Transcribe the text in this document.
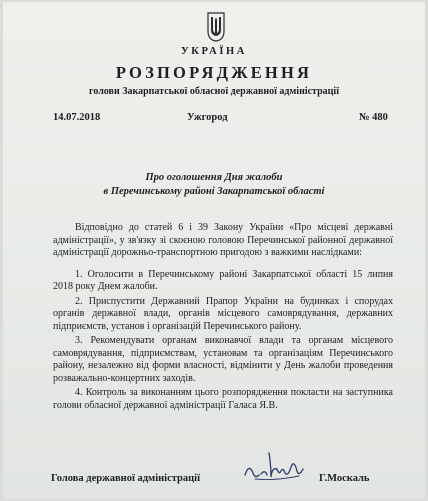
УКРАЇНА
РОЗПОРЯДЖЕННЯ
голови Закарпатської обласної державної адміністрації
14.07.2018	Ужгород	№ 480
Про оголошення Дня жалоби
в Перечинському районі Закарпатської області

Відповідно до статей 6 і 39 Закону України «Про місцеві державні адміністрації», у зв'язку зі скоєною головою Перечинської районної державної адміністрації дорожньо-транспортною пригодою з важкими наслідками:

1. Оголосити в Перечинському районі Закарпатської області 15 липня 2018 року Днем жалоби.

2. Приспустити Державний Прапор України на будинках і спорудах органів державної влади, органів місцевого самоврядування, державних підприємств, установ і організацій Перечинського району.

3. Рекомендувати органам виконавчої влади та органам місцевого самоврядування, підприємствам, установам та організаціям Перечинського району, незалежно від форми власності, відмінити у День жалоби проведення розважально-концертних заходів.

4. Контроль за виконанням цього розпорядження покласти на заступника голови обласної державної адміністрації Галаса Я.В.

Голова державної адміністрації	Г.Москаль
